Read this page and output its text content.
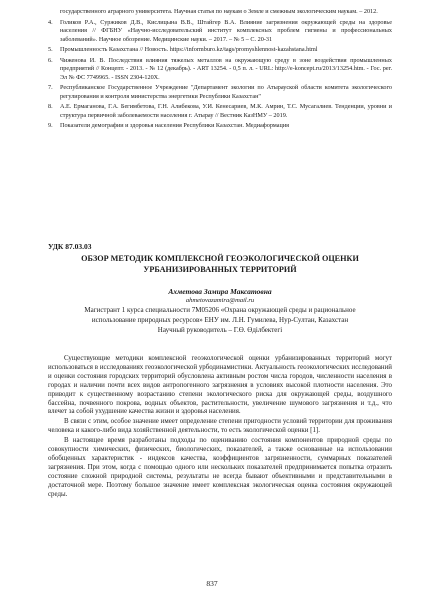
государственного аграрного университета. Научная статья по наукам о Земле и смежным экологическим наукам. – 2012.
4.	Голиков Р.А., Суржиков Д.В., Кислицына В.В., Штайгер В.А. Влияние загрязнения окружающей среды на здоровье населения // ФГБНУ «Научно-исследовательский институт комплексных проблем гигиены и профессиональных заболеваний». Научное обозрение. Медицинские науки. – 2017. – № 5 – С. 20-31
5.	Промышленность Казахстана // Новость. https://informburo.kz/tags/promyshlennost-kazahstana.html
6.	Чиженова И. В. Последствия влияния тяжелых металлов на окружающую среду в зоне воздействия промышленных предприятий // Концепт. - 2013. - № 12 (декабрь). - ART 13254. - 0,5 п. л. - URL: http://e-koncept.ru/2013/13254.htm. - Гос. рег. Эл № ФС 7749965. - ISSN 2304-120X.
7.	Республиканское Государственное Учреждение "Департамент экологии по Атырауской области комитета экологического регулирования и контроля министерства энергетики Республики Казахстан"
8.	А.Е. Ермаганова, Г.А. Бегимбетова, Г.Н. Алибекова, У.И. Кенесариев, М.К. Амрин, Т.С. Мусагалиев. Тенденции, уровни и структура первичной заболеваемости населения г. Атырау // Вестник КазНМУ – 2019.
9.	Показатели демографии и здоровья населения Республики Казахстан. Медиаформация
УДК 87.03.03
ОБЗОР МЕТОДИК КОМПЛЕКСНОЙ ГЕОЭКОЛОГИЧЕСКОЙ ОЦЕНКИ
УРБАНИЗИРОВАННЫХ ТЕРРИТОРИЙ
Ахметова Замира Максатовна
ahmetovazamira@mail.ru
Магистрант 1 курса специальности 7М05206 «Охрана окружающей среды и рациональное
использование природных ресурсов» ЕНУ им. Л.Н. Гумилева, Нур-Султан, Казахстан
Научный руководитель – Г.Ө. Өділбектегі

Существующие методики комплексной геоэкологической оценки урбанизированных территорий могут использоваться в исследованиях геоэкологической урбодинамистики. Актуальность геоэкологических исследований и оценки состояния городских территорий обусловлена активным ростом числа городов, численности населения в городах и наличии почти всех видов антропогенного загрязнения в условиях высокой плотности населения. Это приводит к существенному возрастанию степени экологического риска для окружающей среды, воздушного бассейна, почвенного покрова, водных объектов, растительности, увеличение шумового загрязнения и т.д., что влечет за собой ухудшение качества жизни и здоровья населения.

В связи с этим, особое значение имеет определение степени пригодности условий территории для проживания человека и какого-либо вида хозяйственной деятельности, то есть экологической оценки [1].

В настоящее время разработаны подходы по оцениванию состояния компонентов природной среды по совокупности химических, физических, биологических, показателей, а также основанные на использовании обобщенных характеристик - индексов качества, коэффициентов загрязненности, суммарных показателей загрязнения. При этом, когда с помощью одного или нескольких показателей предпринимается попытка отразить состояние сложной природной системы, результаты не всегда бывают объективными и представительными в достаточной мере. Поэтому большое значение имеет комплексная экологическая оценка состояния окружающей среды.

837
